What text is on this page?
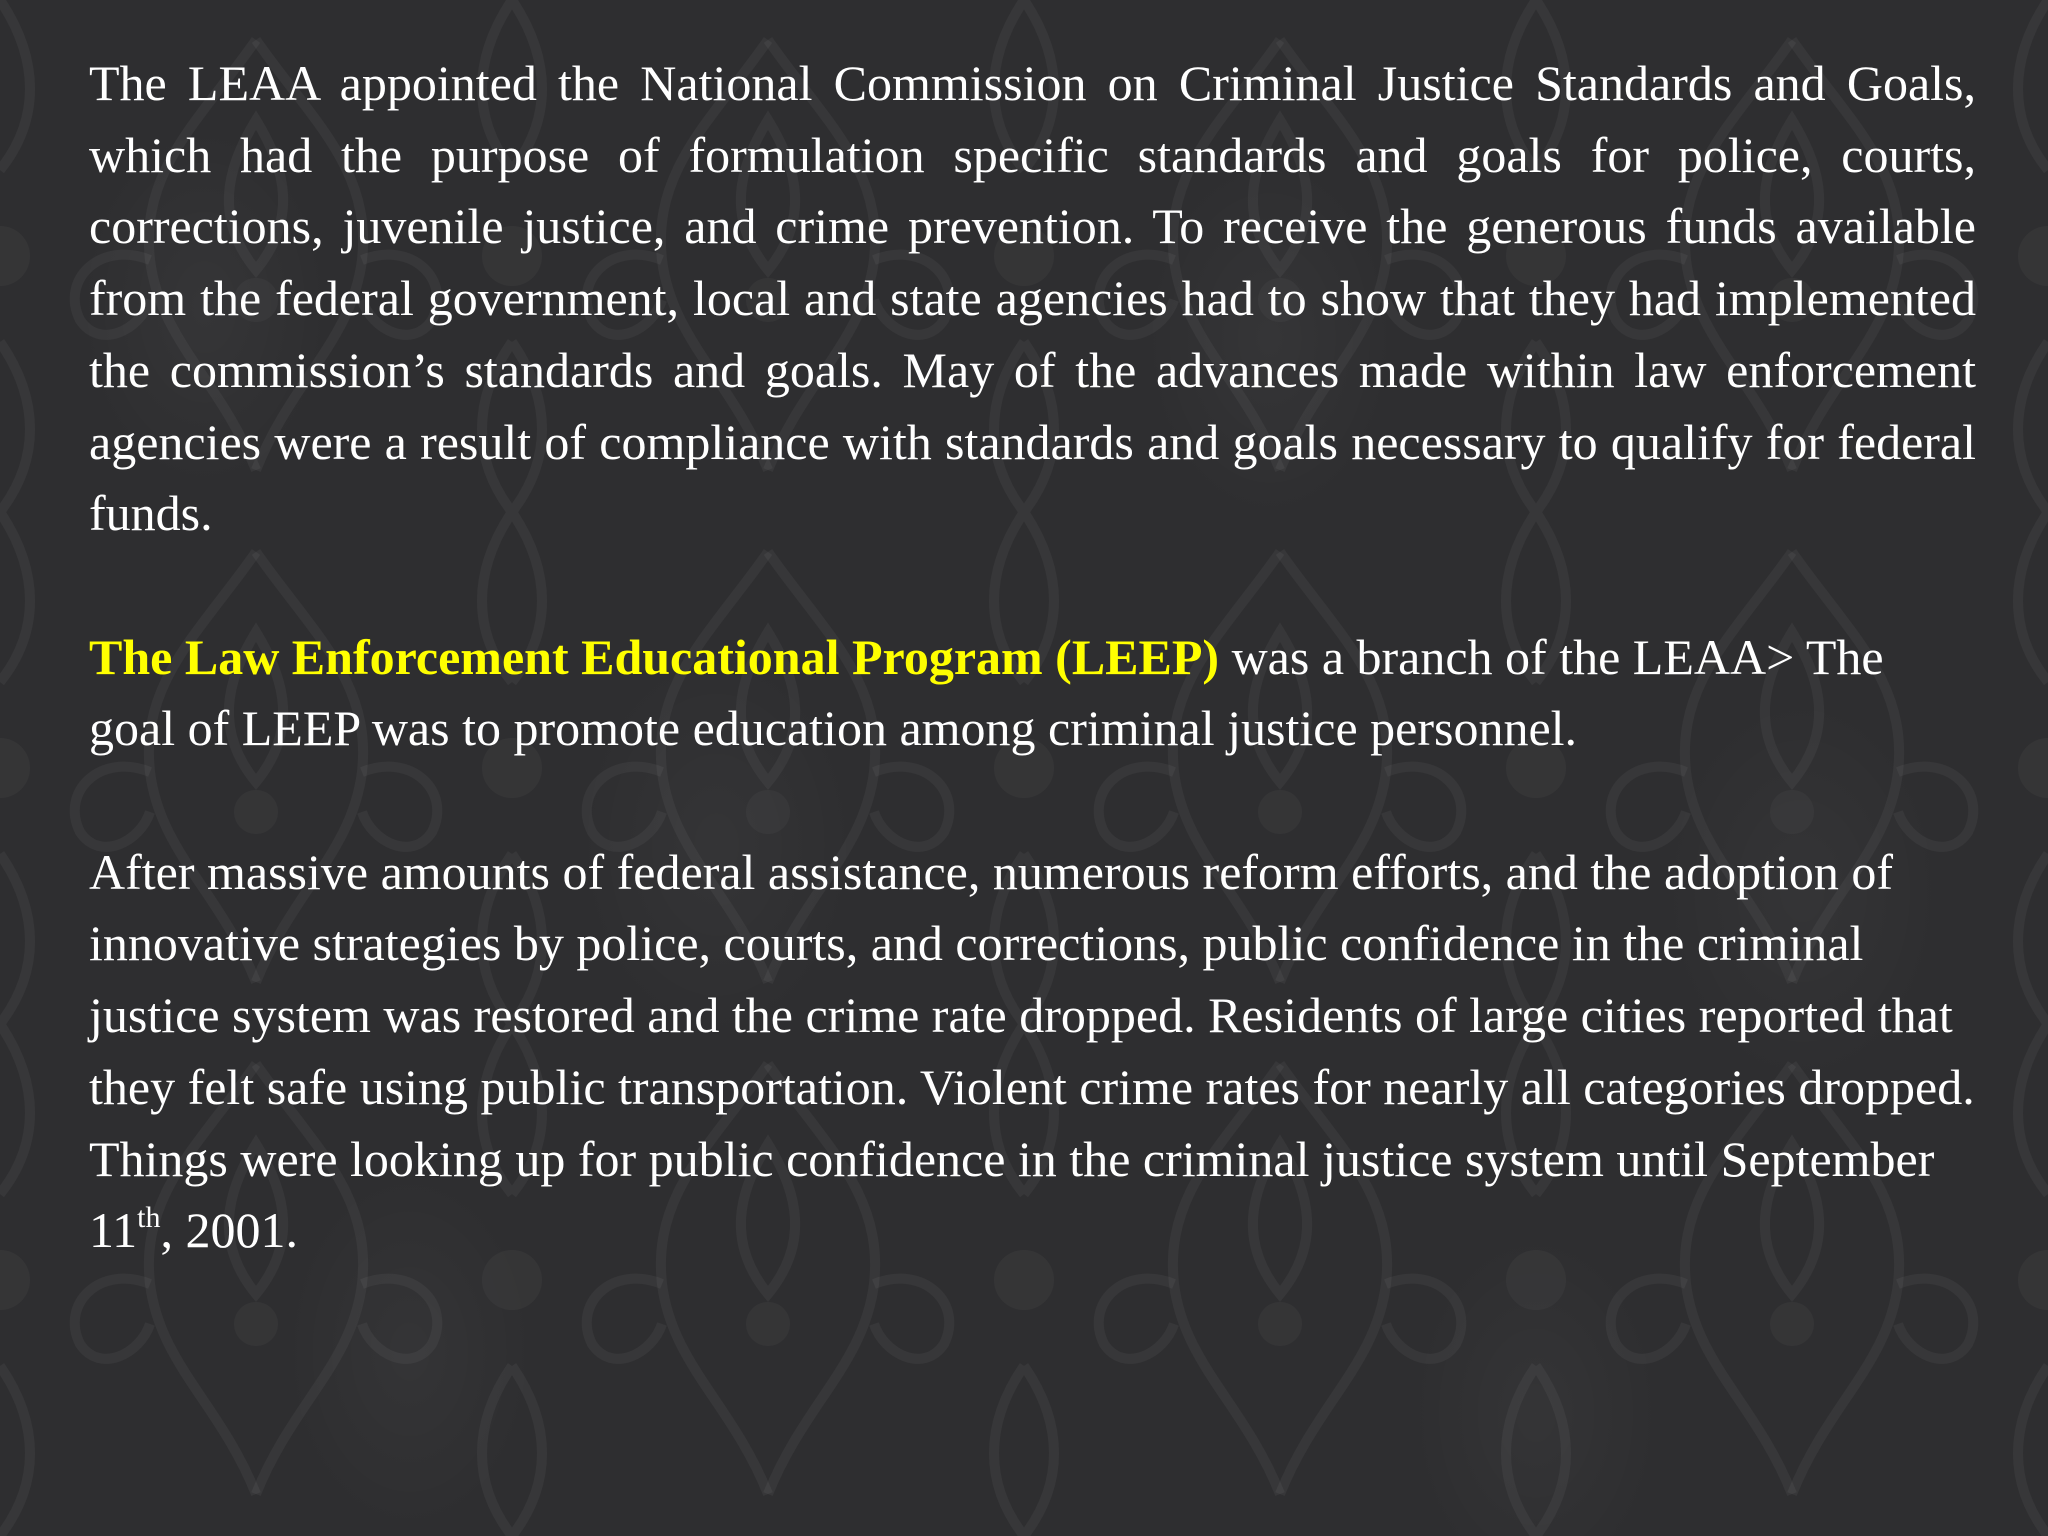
The LEAA appointed the National Commission on Criminal Justice Standards and Goals, which had the purpose of formulation specific standards and goals for police, courts, corrections, juvenile justice, and crime prevention. To receive the generous funds available from the federal government, local and state agencies had to show that they had implemented the commission’s standards and goals. May of the advances made within law enforcement agencies were a result of compliance with standards and goals necessary to qualify for federal funds.

The Law Enforcement Educational Program (LEEP) was a branch of the LEAA> The goal of LEEP was to promote education among criminal justice personnel.

After massive amounts of federal assistance, numerous reform efforts, and the adoption of innovative strategies by police, courts, and corrections, public confidence in the criminal justice system was restored and the crime rate dropped. Residents of large cities reported that they felt safe using public transportation. Violent crime rates for nearly all categories dropped. Things were looking up for public confidence in the criminal justice system until September 11th, 2001.
